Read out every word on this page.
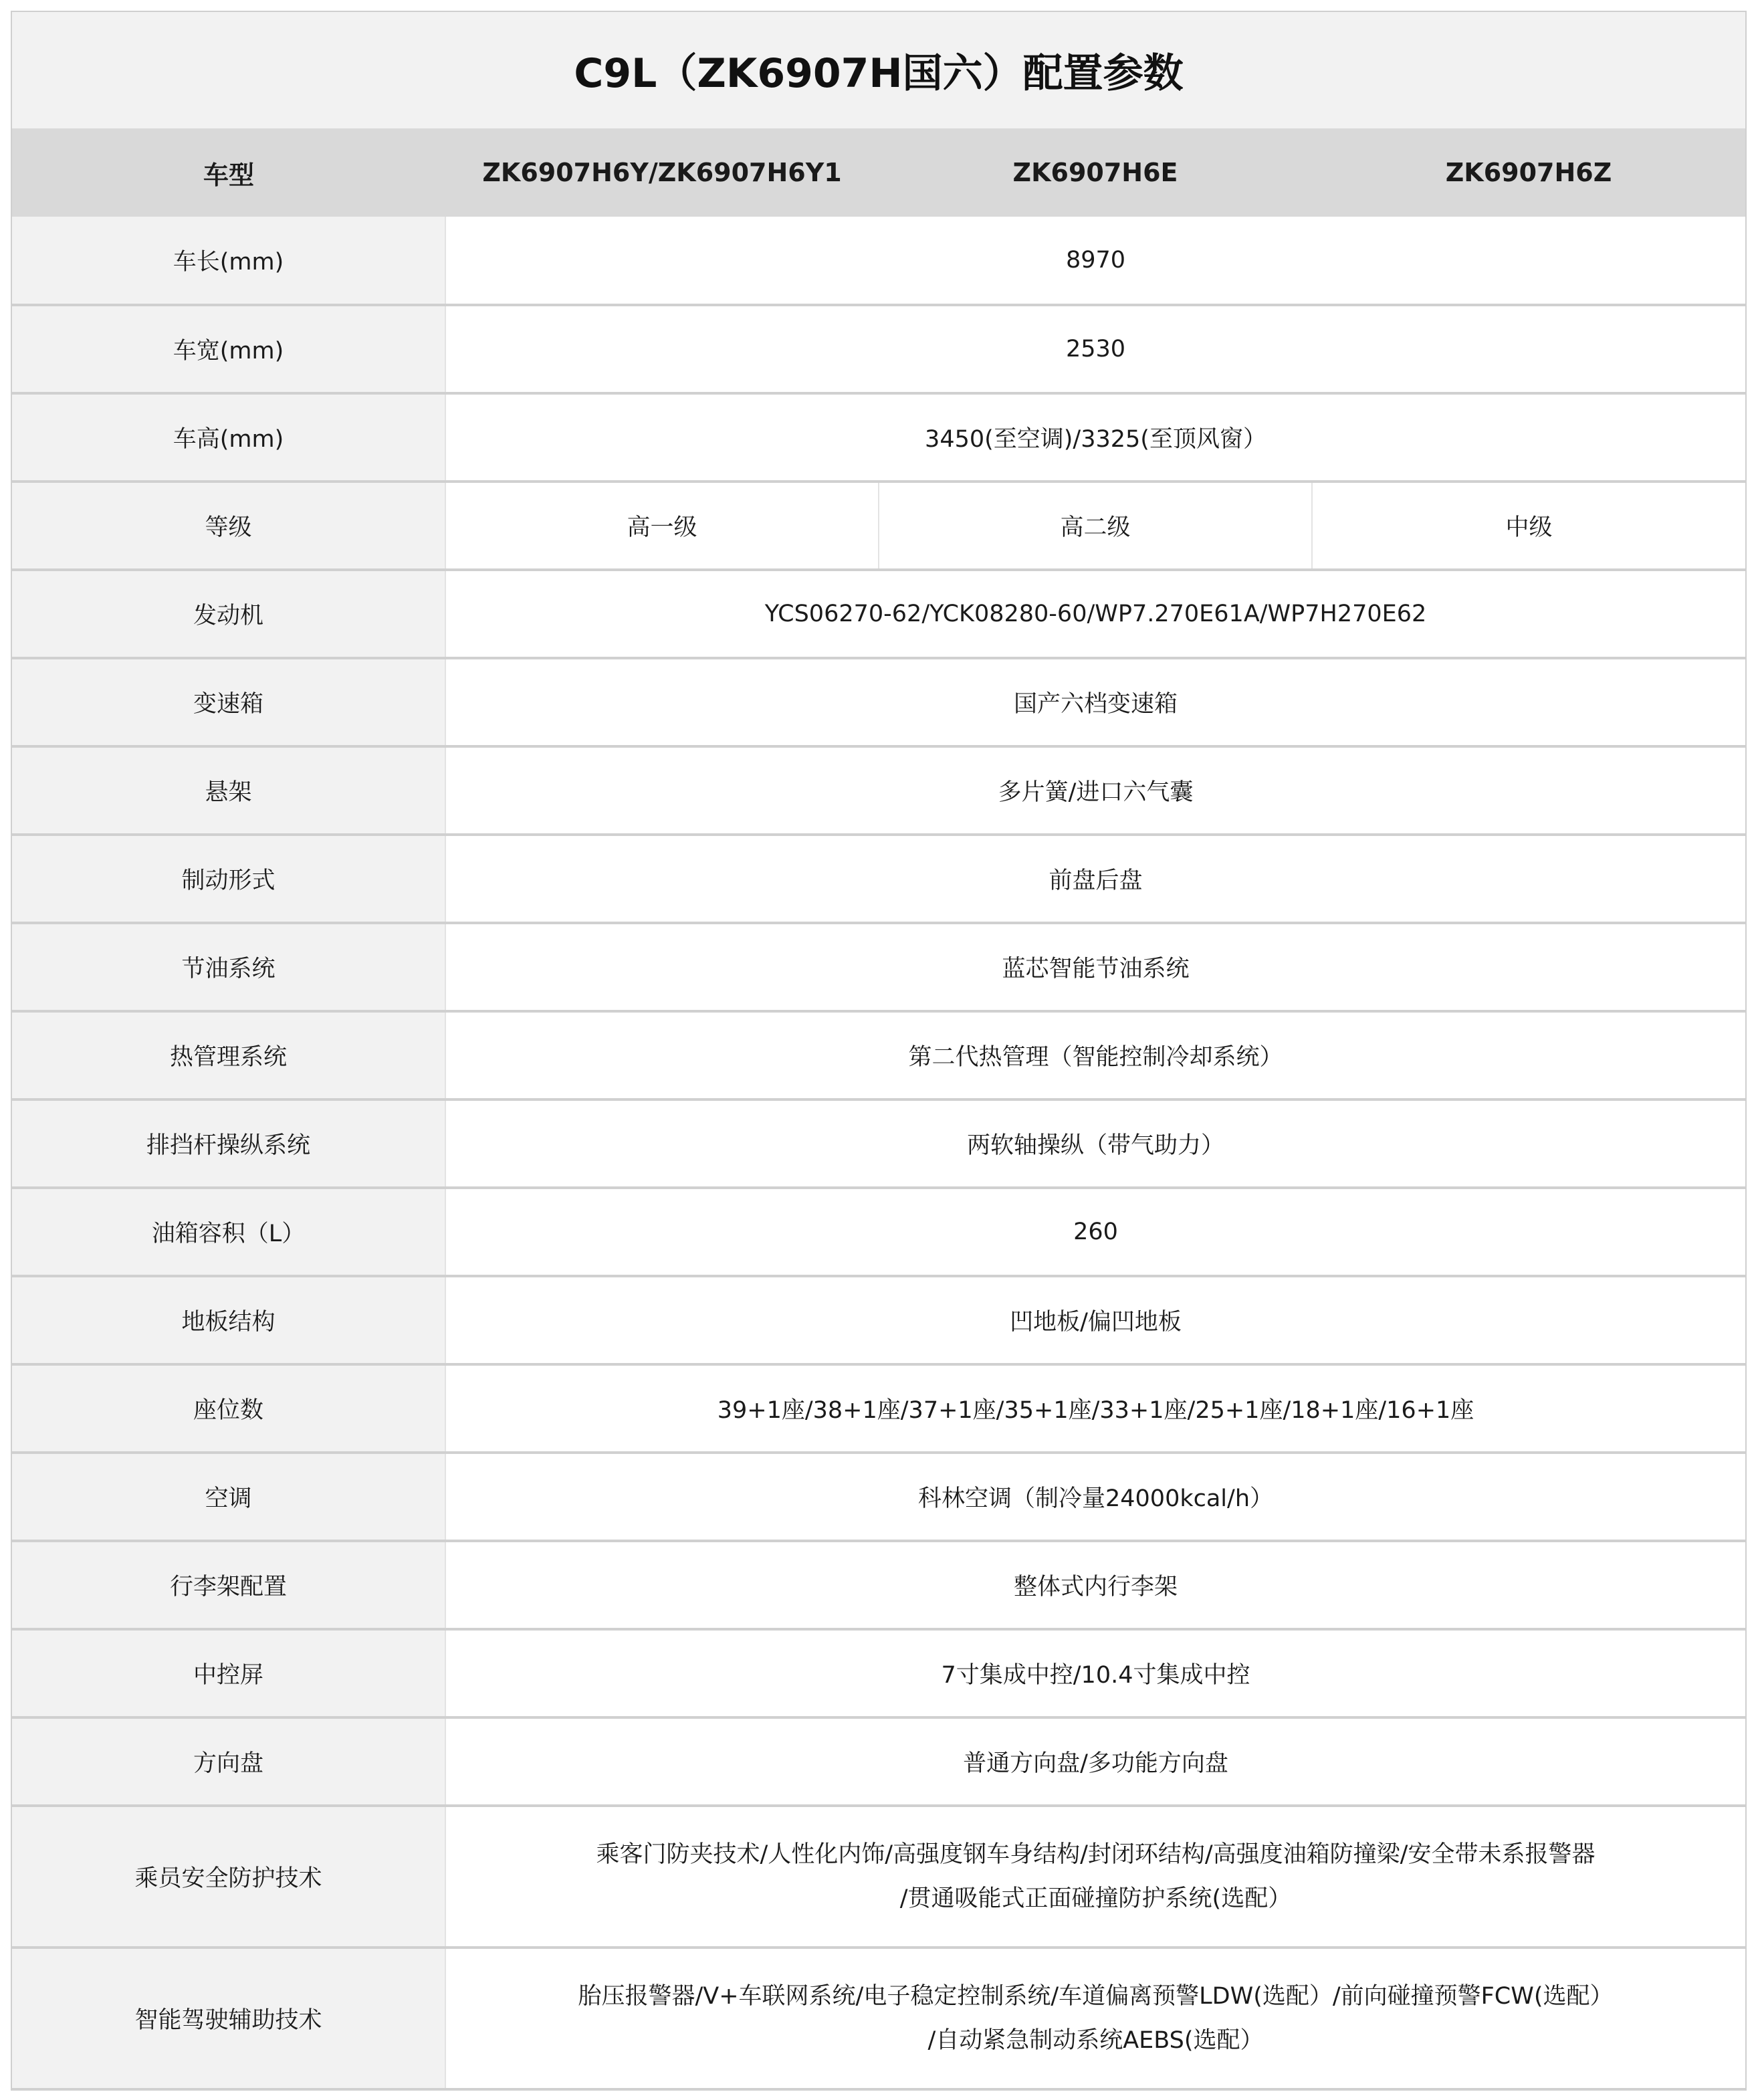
C9L（ZK6907H国六）配置参数
车型	ZK6907H6Y/ZK6907H6Y1	ZK6907H6E	ZK6907H6Z
车长(mm)	8970		
车宽(mm)	2530		
车高(mm)	3450(至空调)/3325(至顶风窗）		
等级	高一级	高二级	中级
发动机	YCS06270-62/YCK08280-60/WP7.270E61A/WP7H270E62		
变速箱	国产六档变速箱		
悬架	多片簧/进口六气囊		
制动形式	前盘后盘		
节油系统	蓝芯智能节油系统		
热管理系统	第二代热管理（智能控制冷却系统）		
排挡杆操纵系统	两软轴操纵（带气助力）		
油箱容积（L）	260		
地板结构	凹地板/偏凹地板		
座位数	39+1座/38+1座/37+1座/35+1座/33+1座/25+1座/18+1座/16+1座		
空调	科林空调（制冷量24000kcal/h）		
行李架配置	整体式内行李架		
中控屏	7寸集成中控/10.4寸集成中控		
方向盘	普通方向盘/多功能方向盘		
乘员安全防护技术	乘客门防夹技术/人性化内饰/高强度钢车身结构/封闭环结构/高强度油箱防撞梁/安全带未系报警器
/贯通吸能式正面碰撞防护系统(选配）		

智能驾驶辅助技术	胎压报警器/V+车联网系统/电子稳定控制系统/车道偏离预警LDW(选配）/前向碰撞预警FCW(选配）
/自动紧急制动系统AEBS(选配）		
